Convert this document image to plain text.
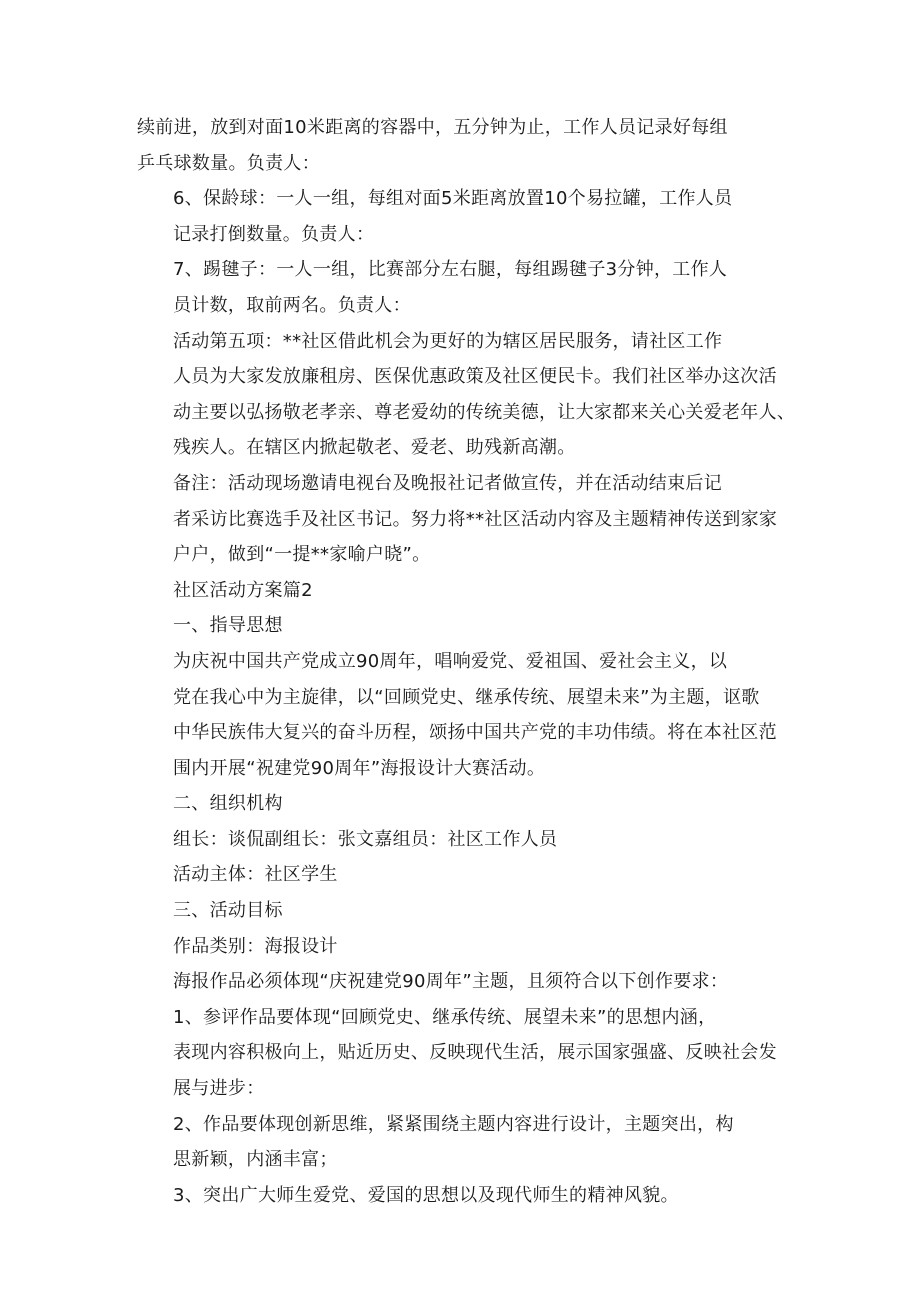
续前进，放到对面10米距离的容器中，五分钟为止，工作人员记录好每组
乒乓球数量。负责人：

6、保龄球：一人一组，每组对面5米距离放置10个易拉罐，工作人员
记录打倒数量。负责人：

7、踢毽子：一人一组，比赛部分左右腿，每组踢毽子3分钟，工作人
员计数，取前两名。负责人：

活动第五项：**社区借此机会为更好的为辖区居民服务，请社区工作
人员为大家发放廉租房、医保优惠政策及社区便民卡。我们社区举办这次活
动主要以弘扬敬老孝亲、尊老爱幼的传统美德，让大家都来关心关爱老年人、
残疾人。在辖区内掀起敬老、爱老、助残新高潮。

备注：活动现场邀请电视台及晚报社记者做宣传，并在活动结束后记
者采访比赛选手及社区书记。努力将**社区活动内容及主题精神传送到家家
户户，做到“一提**家喻户晓”。

社区活动方案篇2

一、指导思想

为庆祝中国共产党成立90周年，唱响爱党、爱祖国、爱社会主义，以
党在我心中为主旋律，以“回顾党史、继承传统、展望未来”为主题，讴歌
中华民族伟大复兴的奋斗历程，颂扬中国共产党的丰功伟绩。将在本社区范
围内开展“祝建党90周年”海报设计大赛活动。

二、组织机构

组长：谈侃副组长：张文嘉组员：社区工作人员

活动主体：社区学生

三、活动目标

作品类别：海报设计

海报作品必须体现“庆祝建党90周年”主题，且须符合以下创作要求：

1、参评作品要体现“回顾党史、继承传统、展望未来”的思想内涵，
表现内容积极向上，贴近历史、反映现代生活，展示国家强盛、反映社会发
展与进步：

2、作品要体现创新思维，紧紧围绕主题内容进行设计，主题突出，构
思新颖，内涵丰富；

3、突出广大师生爱党、爱国的思想以及现代师生的精神风貌。
